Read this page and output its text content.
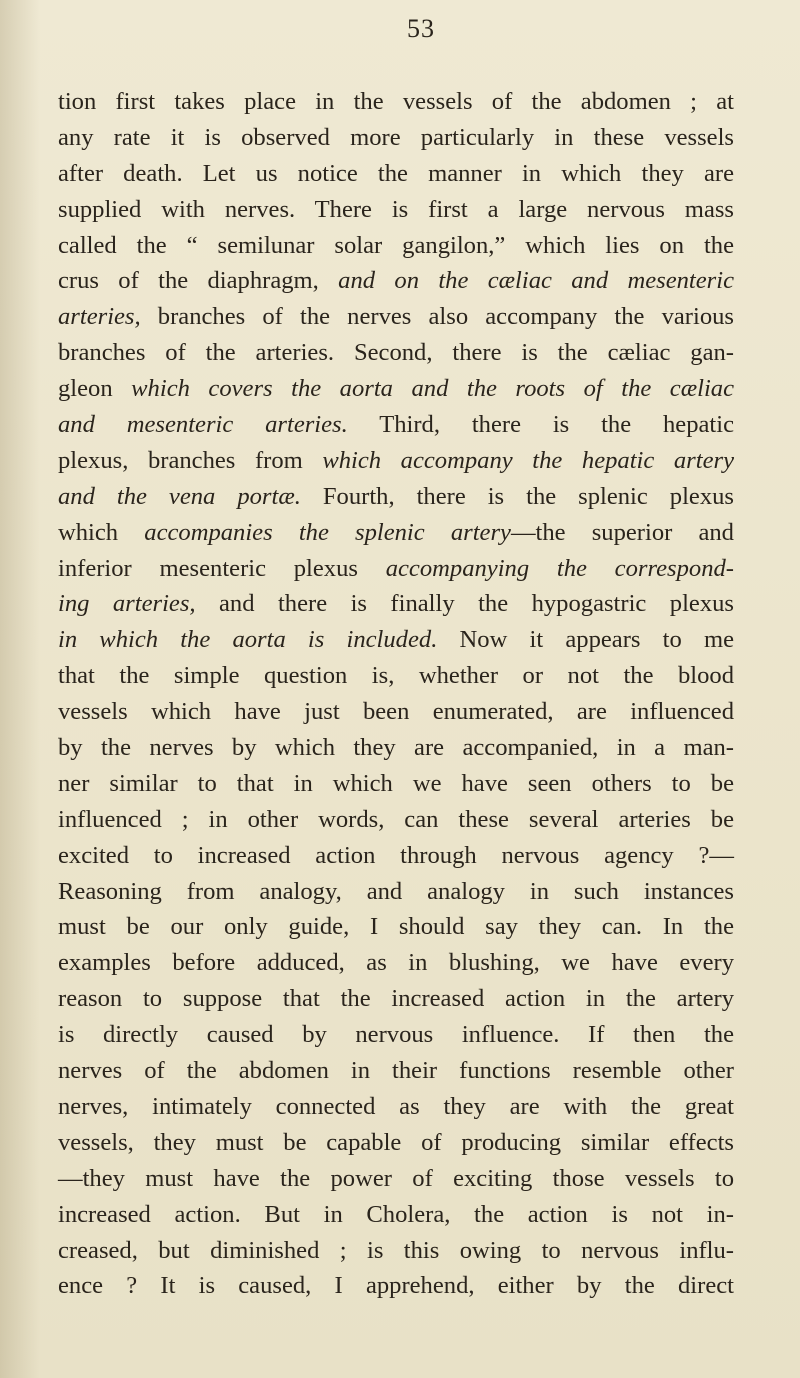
53
tion first takes place in the vessels of the abdomen ; at
any rate it is observed more particularly in these vessels
after death. Let us notice the manner in which they are
supplied with nerves. There is first a large nervous mass
called the “ semilunar solar gangilon,” which lies on the
crus of the diaphragm, and on the cæliac and mesenteric
arteries, branches of the nerves also accompany the various
branches of the arteries. Second, there is the cæliac gan-
gleon which covers the aorta and the roots of the cæliac
and mesenteric arteries. Third, there is the hepatic
plexus, branches from which accompany the hepatic artery
and the vena portæ. Fourth, there is the splenic plexus
which accompanies the splenic artery—the superior and
inferior mesenteric plexus accompanying the correspond-
ing arteries, and there is finally the hypogastric plexus
in which the aorta is included. Now it appears to me
that the simple question is, whether or not the blood
vessels which have just been enumerated, are influenced
by the nerves by which they are accompanied, in a man-
ner similar to that in which we have seen others to be
influenced ; in other words, can these several arteries be
excited to increased action through nervous agency ?—
Reasoning from analogy, and analogy in such instances
must be our only guide, I should say they can. In the
examples before adduced, as in blushing, we have every
reason to suppose that the increased action in the artery
is directly caused by nervous influence. If then the
nerves of the abdomen in their functions resemble other
nerves, intimately connected as they are with the great
vessels, they must be capable of producing similar effects
—they must have the power of exciting those vessels to
increased action. But in Cholera, the action is not in-
creased, but diminished ; is this owing to nervous influ-
ence ? It is caused, I apprehend, either by the direct
